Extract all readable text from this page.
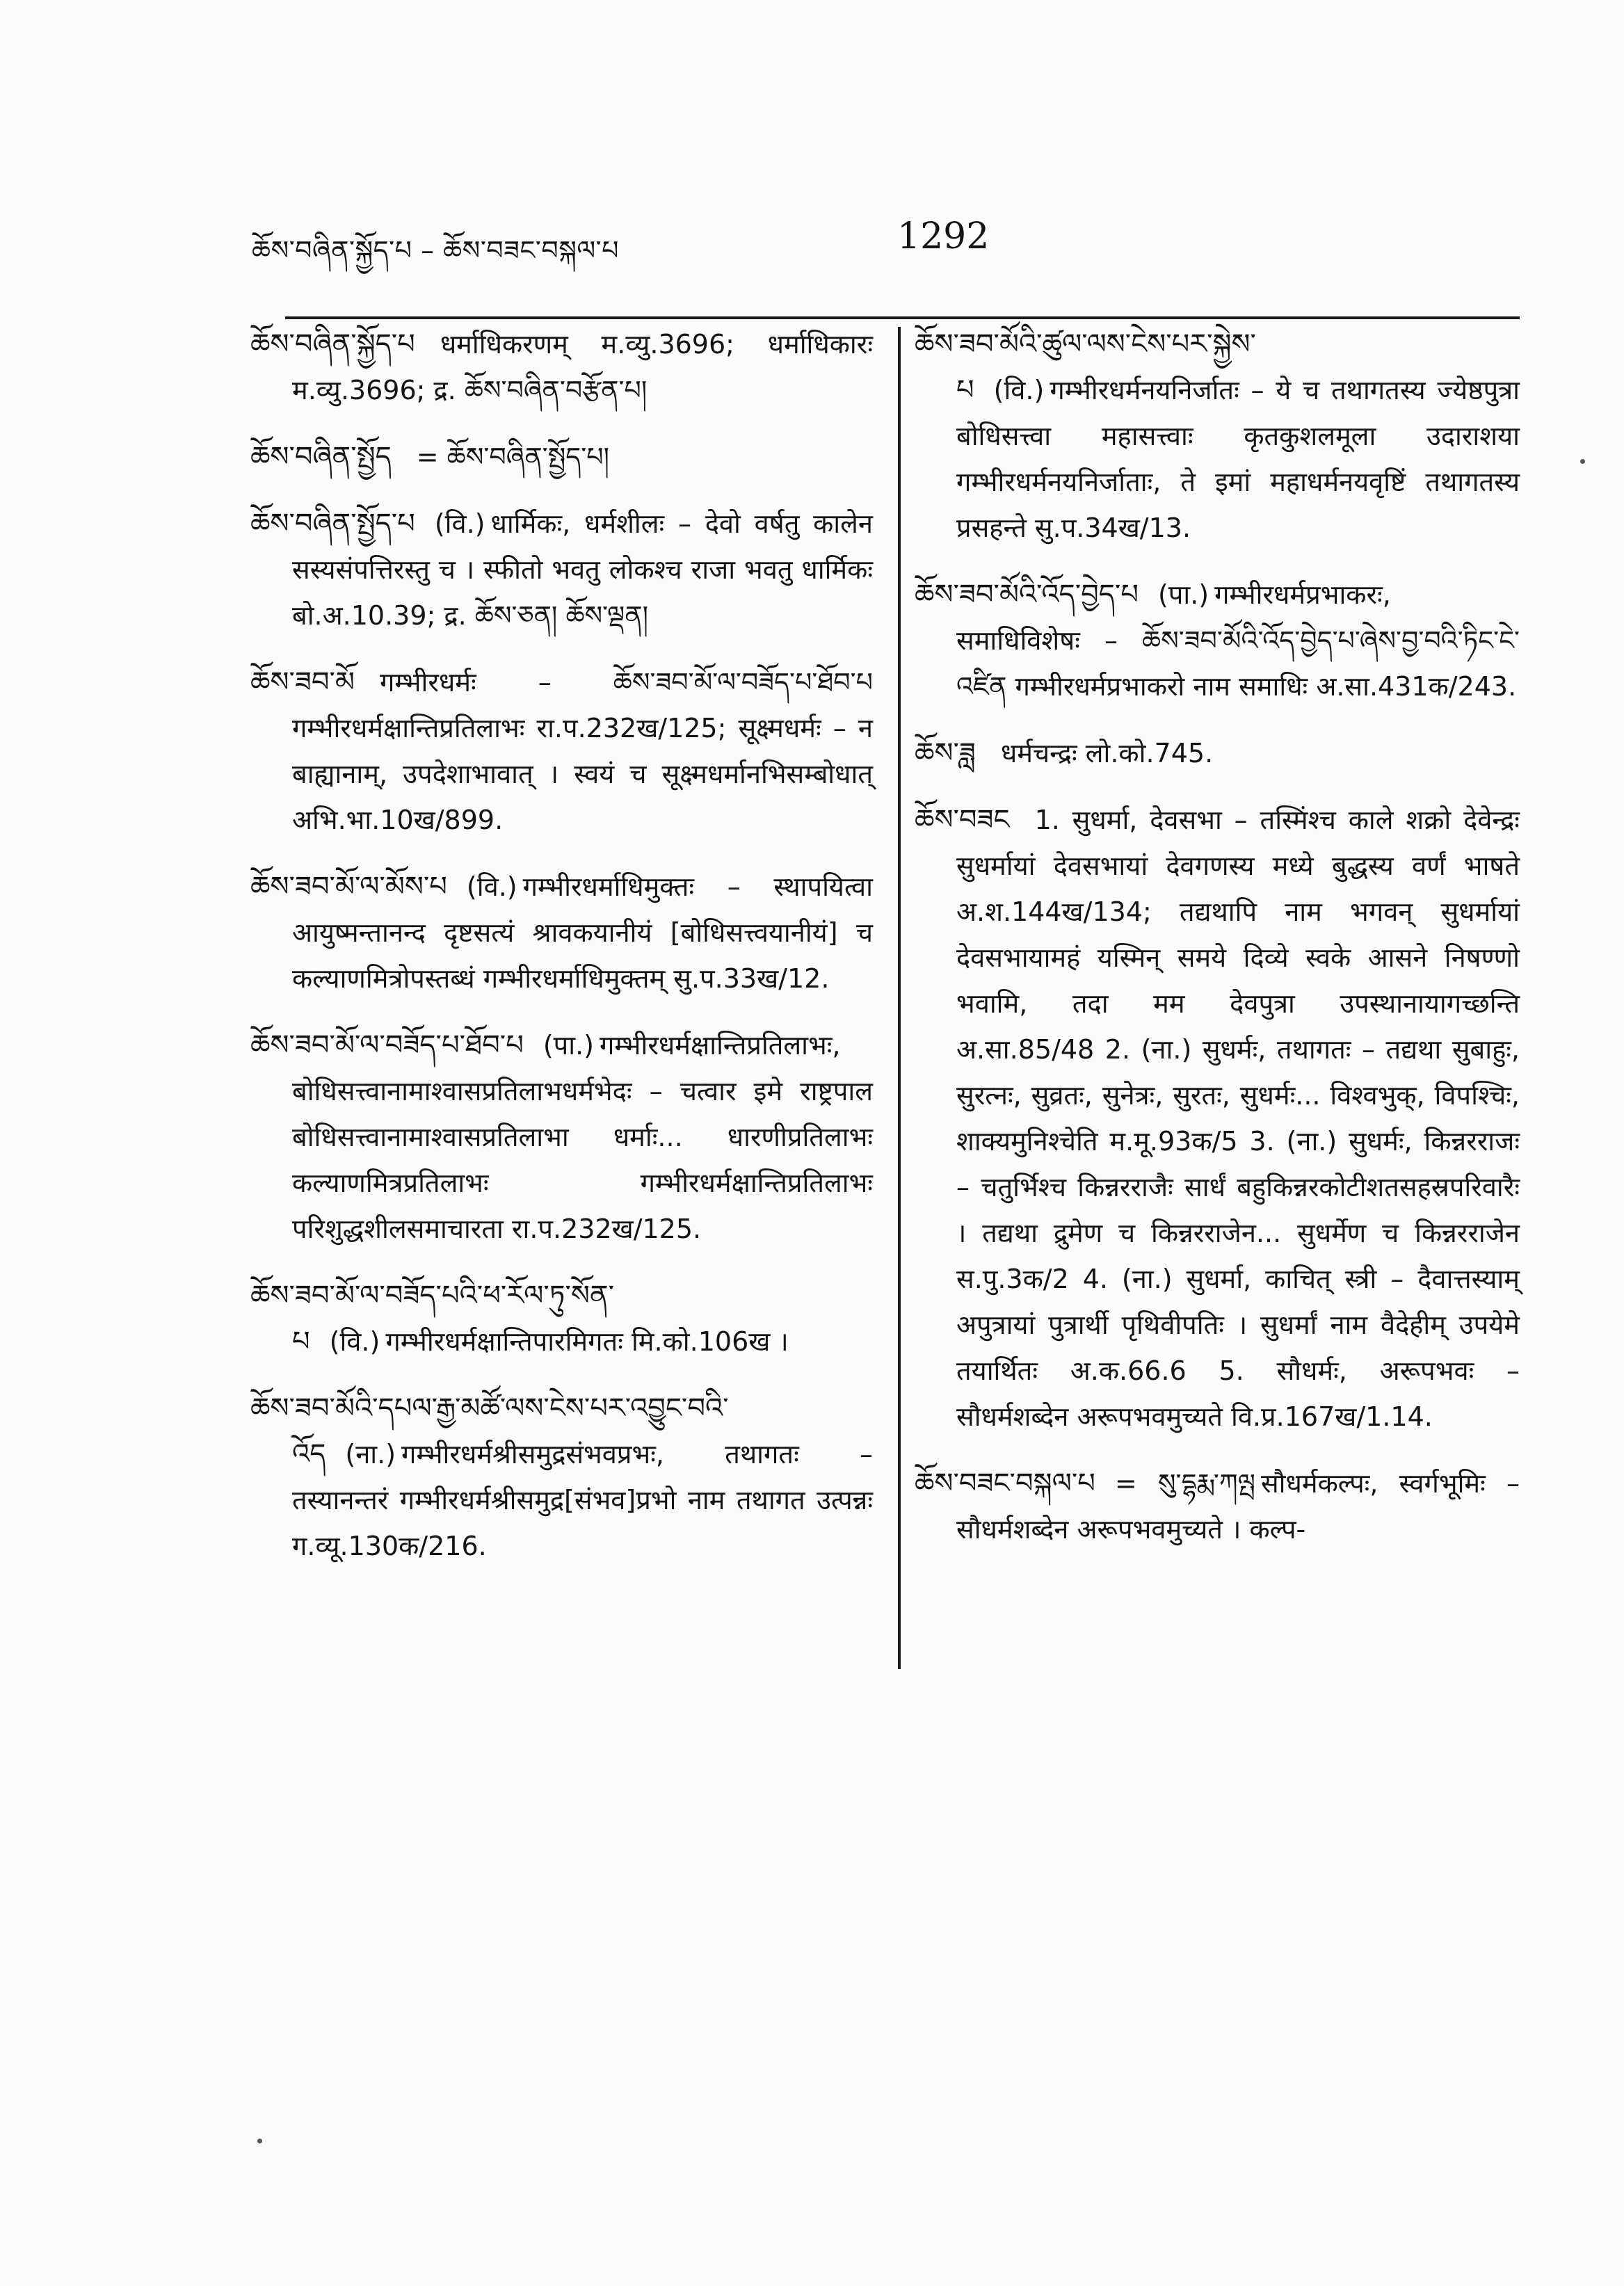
ཆོས་བཞིན་སྐྱོད་པ – ཆོས་བཟང་བསྐལ་པ	1292

ཆོས་བཞིན་སྐྱོད་པ धर्माधिकरणम् म.व्यु.3696; धर्माधिकारः म.व्यु.3696; द्र. ཆོས་བཞིན་བརྩོན་པ།

ཆོས་བཞིན་སྤྱོད = ཆོས་བཞིན་སྤྱོད་པ།

ཆོས་བཞིན་སྤྱོད་པ (वि.) धार्मिकः, धर्मशीलः – देवो वर्षतु कालेन सस्यसंपत्तिरस्तु च । स्फीतो भवतु लोकश्च राजा भवतु धार्मिकः बो.अ.10.39; द्र. ཆོས་ཅན། ཆོས་ལྡན།

ཆོས་ཟབ་མོ गम्भीरधर्मः – ཆོས་ཟབ་མོ་ལ་བཟོད་པ་ཐོབ་པ गम्भीरधर्मक्षान्तिप्रतिलाभः रा.प.232ख/125; सूक्ष्मधर्मः – न बाह्यानाम्, उपदेशाभावात् । स्वयं च सूक्ष्मधर्मानभिसम्बोधात् अभि.भा.10ख/899.

ཆོས་ཟབ་མོ་ལ་མོས་པ (वि.) गम्भीरधर्माधिमुक्तः – स्थापयित्वा आयुष्मन्तानन्द दृष्टसत्यं श्रावकयानीयं [बोधिसत्त्वयानीयं] च कल्याणमित्रोपस्तब्धं गम्भीरधर्माधिमुक्तम् सु.प.33ख/12.

ཆོས་ཟབ་མོ་ལ་བཟོད་པ་ཐོབ་པ (पा.) गम्भीरधर्मक्षान्तिप्रतिलाभः, बोधिसत्त्वानामाश्वासप्रतिलाभधर्मभेदः – चत्वार इमे राष्ट्रपाल बोधिसत्त्वानामाश्वासप्रतिलाभा धर्माः... धारणीप्रतिलाभः कल्याणमित्रप्रतिलाभः गम्भीरधर्मक्षान्तिप्रतिलाभः परिशुद्धशीलसमाचारता रा.प.232ख/125.

ཆོས་ཟབ་མོ་ལ་བཟོད་པའི་ཕ་རོལ་ཏུ་སོན་པ (वि.) गम्भीरधर्मक्षान्तिपारमिगतः मि.को.106ख ।

ཆོས་ཟབ་མོའི་དཔལ་རྒྱ་མཚོ་ལས་ངེས་པར་འབྱུང་བའི་འོད (ना.) गम्भीरधर्मश्रीसमुद्रसंभवप्रभः, तथागतः – तस्यानन्तरं गम्भीरधर्मश्रीसमुद्र[संभव]प्रभो नाम तथागत उत्पन्नः ग.व्यू.130क/216.

ཆོས་ཟབ་མོའི་ཚུལ་ལས་ངེས་པར་སྐྱེས་པ (वि.) गम्भीरधर्मनयनिर्जातः – ये च तथागतस्य ज्येष्ठपुत्रा बोधिसत्त्वा महासत्त्वाः कृतकुशलमूला उदाराशया गम्भीरधर्मनयनिर्जाताः, ते इमां महाधर्मनयवृष्टिं तथागतस्य प्रसहन्ते सु.प.34ख/13.

ཆོས་ཟབ་མོའི་འོད་བྱེད་པ (पा.) गम्भीरधर्मप्रभाकरः, समाधिविशेषः – ཆོས་ཟབ་མོའི་འོད་བྱེད་པ་ཞེས་བྱ་བའི་ཏིང་ངེ་འཛིན गम्भीरधर्मप्रभाकरो नाम समाधिः अ.सा.431क/243.

ཆོས་ཟླ धर्मचन्द्रः लो.को.745.

ཆོས་བཟང 1. सुधर्मा, देवसभा – तस्मिंश्च काले शक्रो देवेन्द्रः सुधर्मायां देवसभायां देवगणस्य मध्ये बुद्धस्य वर्णं भाषते अ.श.144ख/134; तद्यथापि नाम भगवन् सुधर्मायां देवसभायामहं यस्मिन् समये दिव्ये स्वके आसने निषण्णो भवामि, तदा मम देवपुत्रा उपस्थानायागच्छन्ति अ.सा.85/48 2. (ना.) सुधर्मः, तथागतः – तद्यथा सुबाहुः, सुरत्नः, सुव्रतः, सुनेत्रः, सुरतः, सुधर्मः... विश्वभुक्, विपश्चिः, शाक्यमुनिश्चेति म.मू.93क/5 3. (ना.) सुधर्मः, किन्नरराजः – चतुर्भिश्च किन्नरराजैः सार्धं बहुकिन्नरकोटीशतसहस्रपरिवारैः । तद्यथा द्रुमेण च किन्नरराजेन... सुधर्मेण च किन्नरराजेन स.पु.3क/2 4. (ना.) सुधर्मा, काचित् स्त्री – दैवात्तस्याम् अपुत्रायां पुत्रार्थी पृथिवीपतिः । सुधर्मां नाम वैदेहीम् उपयेमे तयार्थितः अ.क.66.6 5. सौधर्मः, अरूपभवः – सौधर्मशब्देन अरूपभवमुच्यते वि.प्र.167ख/1.14.

ཆོས་བཟང་བསྐལ་པ = སུ་དྷརྨ་ཀལྤ सौधर्मकल्पः, स्वर्गभूमिः – सौधर्मशब्देन अरूपभवमुच्यते । कल्प-
